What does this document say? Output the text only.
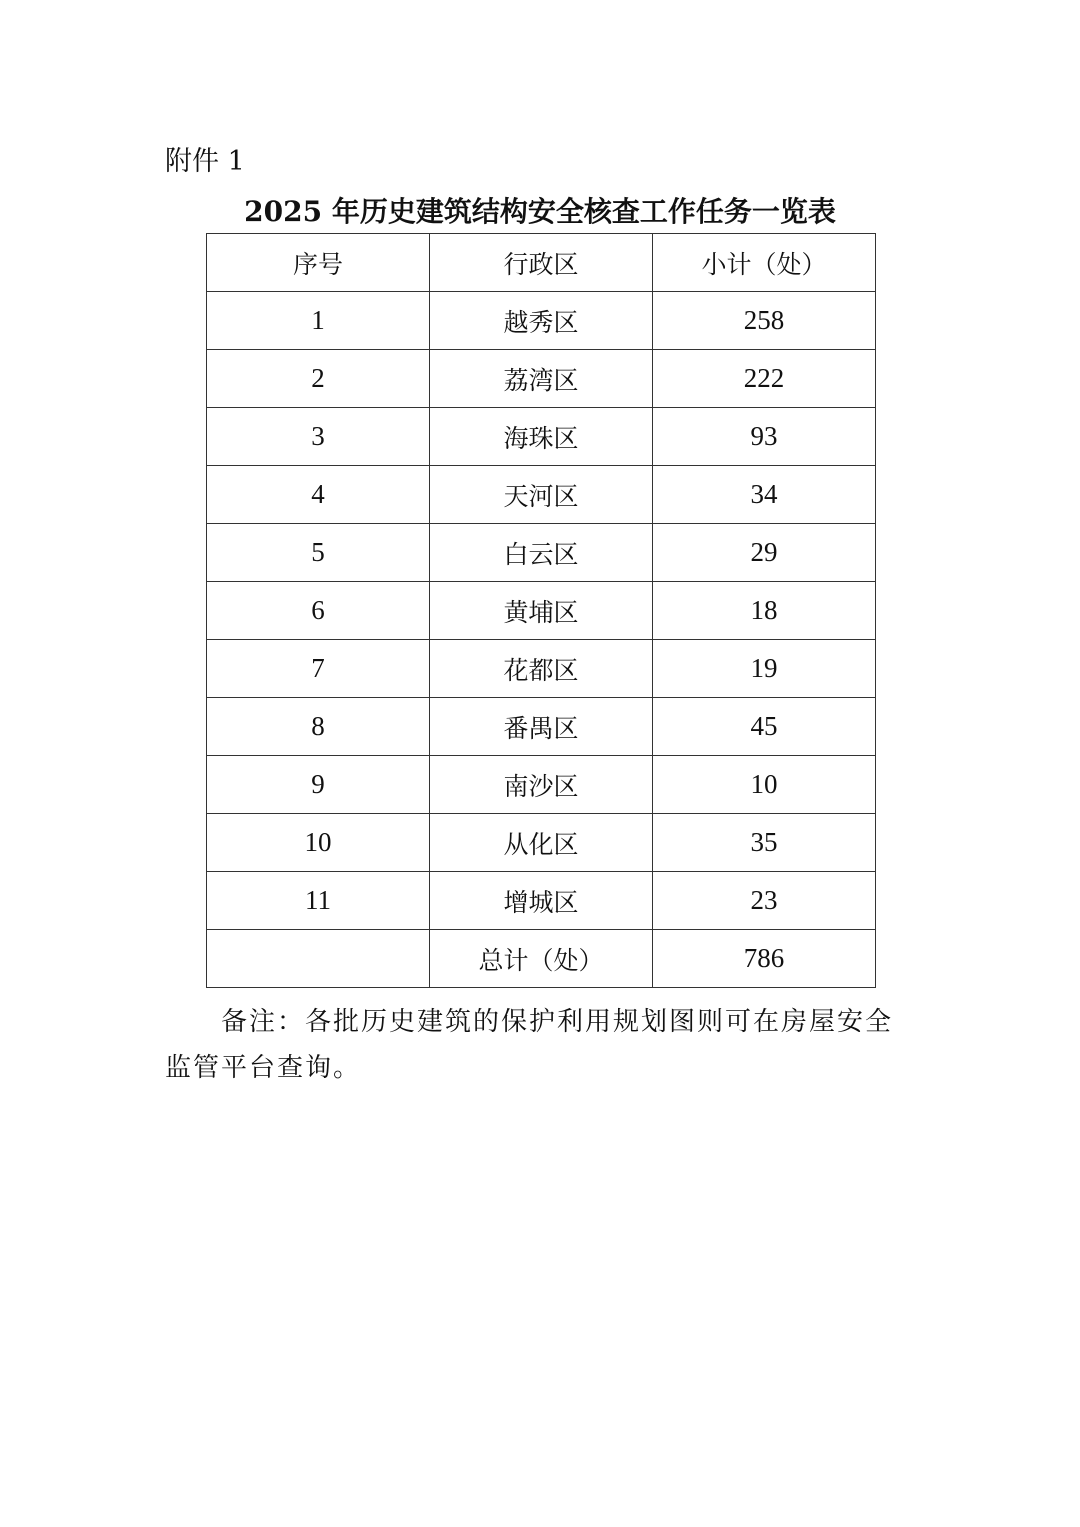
附件 1
2025 年历史建筑结构安全核查工作任务一览表
序号	行政区	小计（处）
1	越秀区	258
2	荔湾区	222
3	海珠区	93
4	天河区	34
5	白云区	29
6	黄埔区	18
7	花都区	19
8	番禺区	45
9	南沙区	10
10	从化区	35
11	增城区	23
	总计（处）	786
备注：各批历史建筑的保护利用规划图则可在房屋安全
监管平台查询。
